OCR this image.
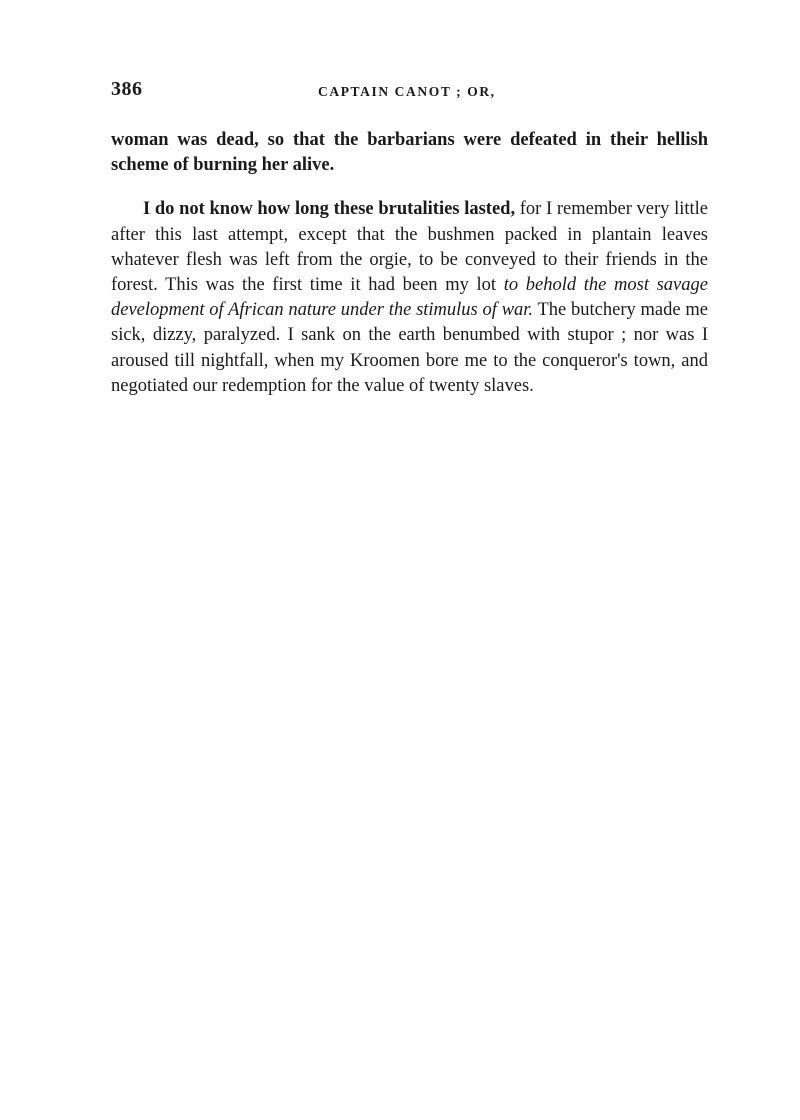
386	CAPTAIN CANOT ; OR,

woman was dead, so that the barbarians were defeated in their hellish scheme of burning her alive.

I do not know how long these brutalities lasted, for I remember very little after this last attempt, except that the bushmen packed in plantain leaves whatever flesh was left from the orgie, to be conveyed to their friends in the forest. This was the first time it had been my lot to behold the most savage development of African nature under the stimulus of war. The butchery made me sick, dizzy, paralyzed. I sank on the earth benumbed with stupor ; nor was I aroused till nightfall, when my Kroomen bore me to the conqueror's town, and negotiated our redemption for the value of twenty slaves.
